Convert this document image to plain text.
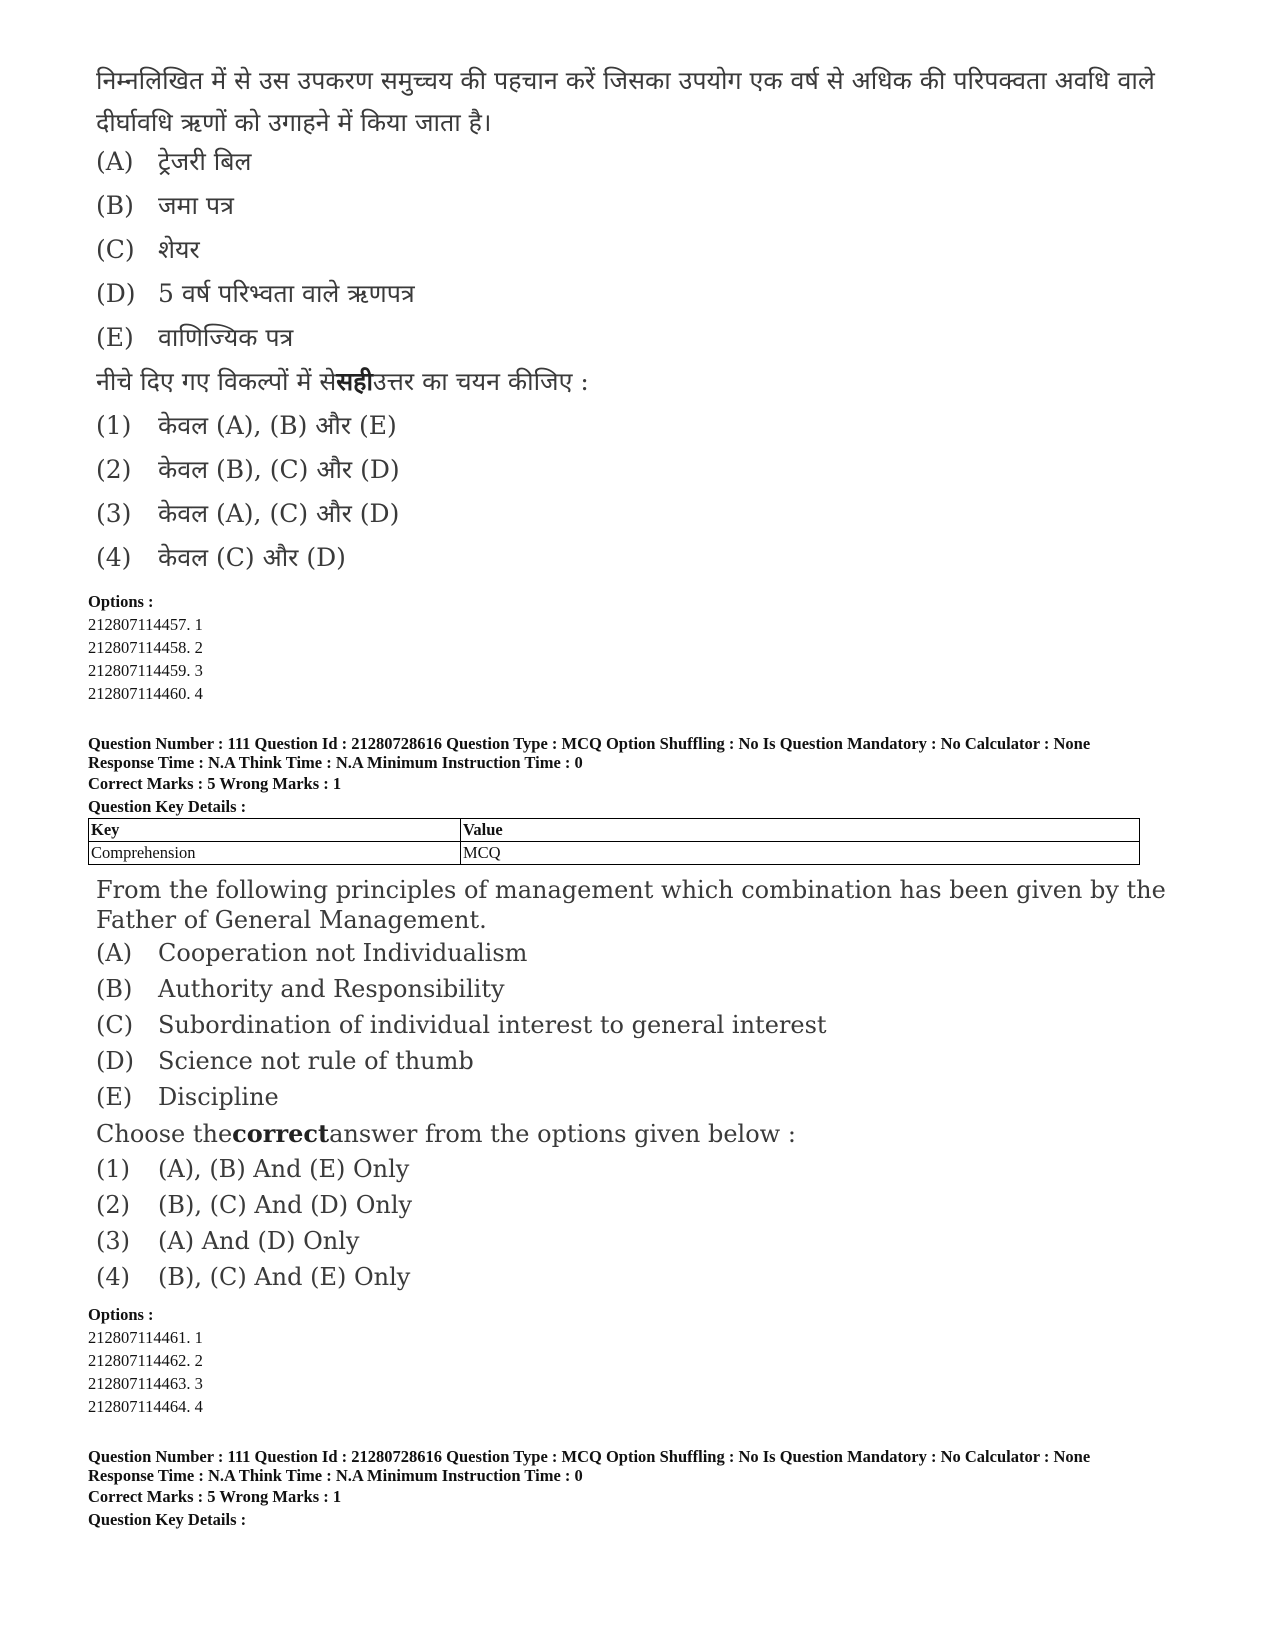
निम्नलिखित में से उस उपकरण समुच्चय की पहचान करें जिसका उपयोग एक वर्ष से अधिक की परिपक्वता अवधि वाले दीर्घावधि ऋणों को उगाहने में किया जाता है।
(A) ट्रेजरी बिल
(B) जमा पत्र
(C) शेयर
(D) 5 वर्ष परिभ्वता वाले ऋणपत्र
(E) वाणिज्यिक पत्र
नीचे दिए गए विकल्पों में से सही उत्तर का चयन कीजिए :
(1)	केवल (A), (B) और (E)
(2)	केवल (B), (C) और (D)
(3)	केवल (A), (C) और (D)
(4)	केवल (C) और (D)
Options :
212807114457. 1
212807114458. 2
212807114459. 3
212807114460. 4
Question Number : 111 Question Id : 21280728616 Question Type : MCQ Option Shuffling : No Is Question Mandatory : No Calculator : None
Response Time : N.A Think Time : N.A Minimum Instruction Time : 0
Correct Marks : 5 Wrong Marks : 1
Question Key Details :
Key	Value
Comprehension	MCQ
From the following principles of management which combination has been given by the Father of General Management.
(A)	Cooperation not Individualism
(B)	Authority and Responsibility
(C)	Subordination of individual interest to general interest
(D)	Science not rule of thumb
(E)	Discipline
Choose the correct answer from the options given below :
(1)	(A), (B) And (E) Only
(2)	(B), (C) And (D) Only
(3)	(A) And (D) Only
(4)	(B), (C) And (E) Only
Options :
212807114461. 1
212807114462. 2
212807114463. 3
212807114464. 4
Question Number : 111 Question Id : 21280728616 Question Type : MCQ Option Shuffling : No Is Question Mandatory : No Calculator : None
Response Time : N.A Think Time : N.A Minimum Instruction Time : 0
Correct Marks : 5 Wrong Marks : 1
Question Key Details :
